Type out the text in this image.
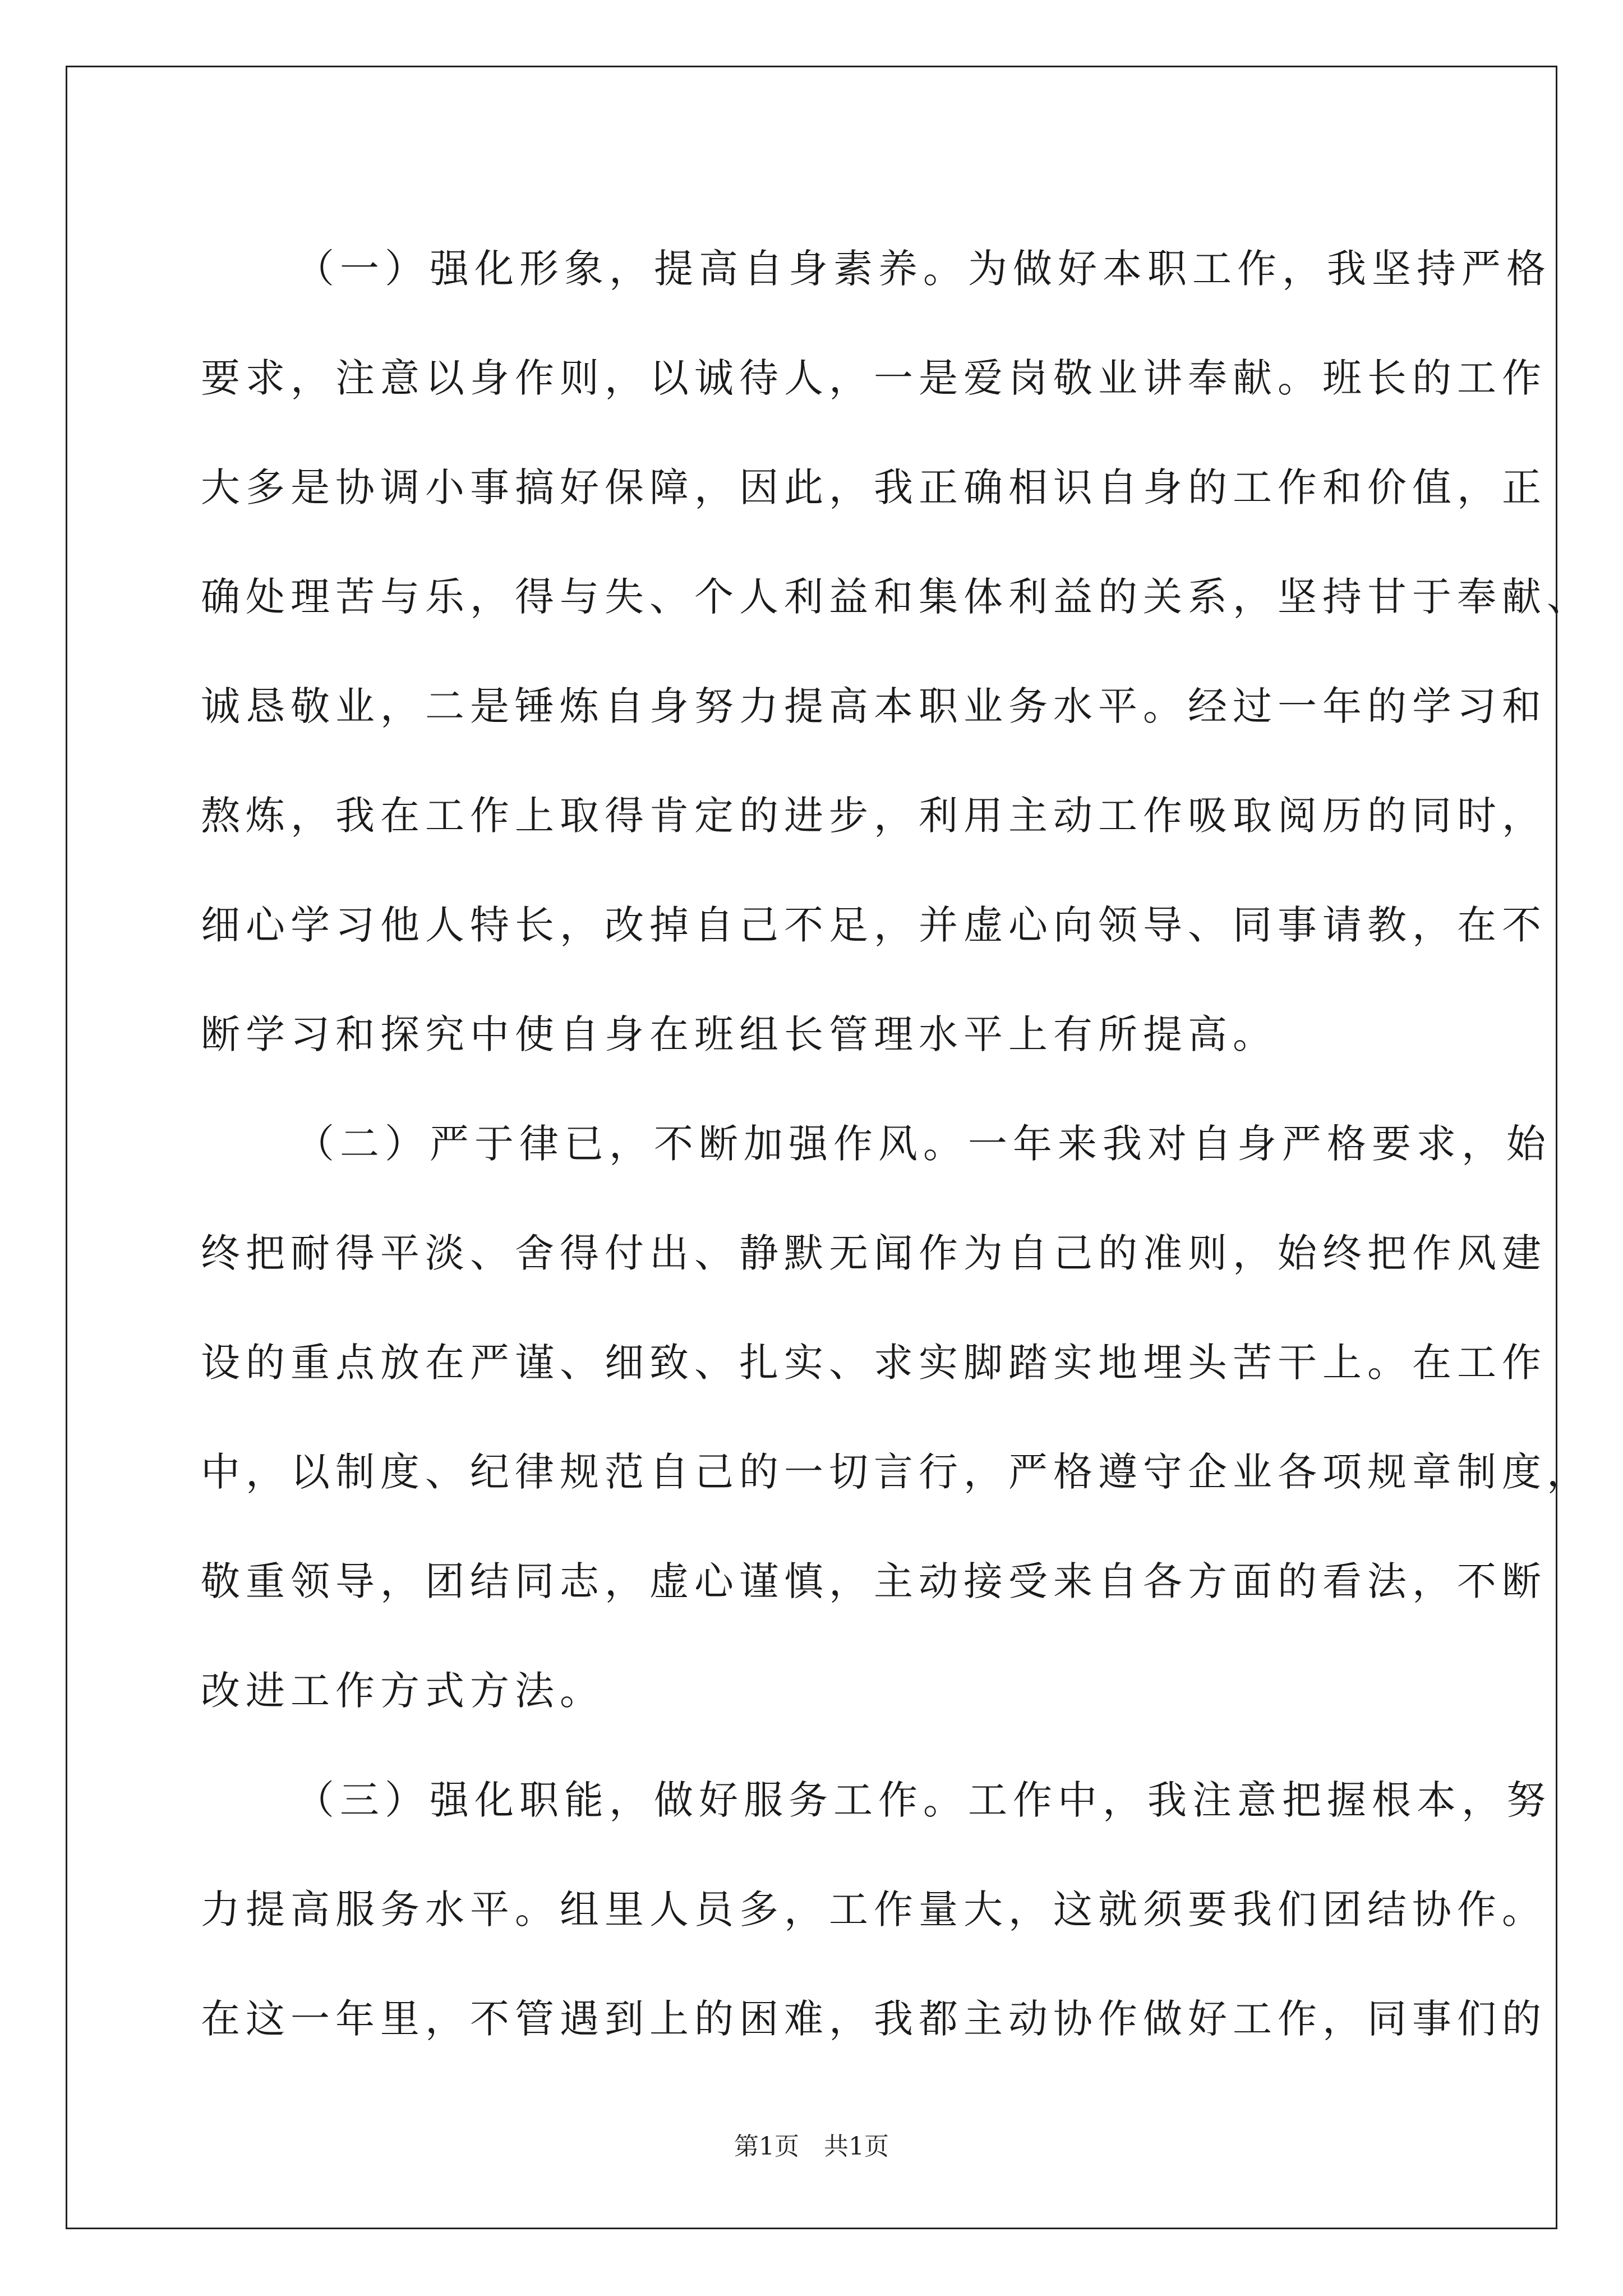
（一）强化形象，提高自身素养。为做好本职工作，我坚持严格
要求，注意以身作则，以诚待人，一是爱岗敬业讲奉献。班长的工作
大多是协调小事搞好保障，因此，我正确相识自身的工作和价值，正
确处理苦与乐，得与失、个人利益和集体利益的关系，坚持甘于奉献、
诚恳敬业，二是锤炼自身努力提高本职业务水平。经过一年的学习和
熬炼，我在工作上取得肯定的进步，利用主动工作吸取阅历的同时，
细心学习他人特长，改掉自己不足，并虚心向领导、同事请教，在不
断学习和探究中使自身在班组长管理水平上有所提高。
（二）严于律已，不断加强作风。一年来我对自身严格要求，始
终把耐得平淡、舍得付出、静默无闻作为自己的准则，始终把作风建
设的重点放在严谨、细致、扎实、求实脚踏实地埋头苦干上。在工作
中，以制度、纪律规范自己的一切言行，严格遵守企业各项规章制度，
敬重领导，团结同志，虚心谨慎，主动接受来自各方面的看法，不断
改进工作方式方法。
（三）强化职能，做好服务工作。工作中，我注意把握根本，努
力提高服务水平。组里人员多，工作量大，这就须要我们团结协作。
在这一年里，不管遇到上的困难，我都主动协作做好工作，同事们的
第1页　共1页
